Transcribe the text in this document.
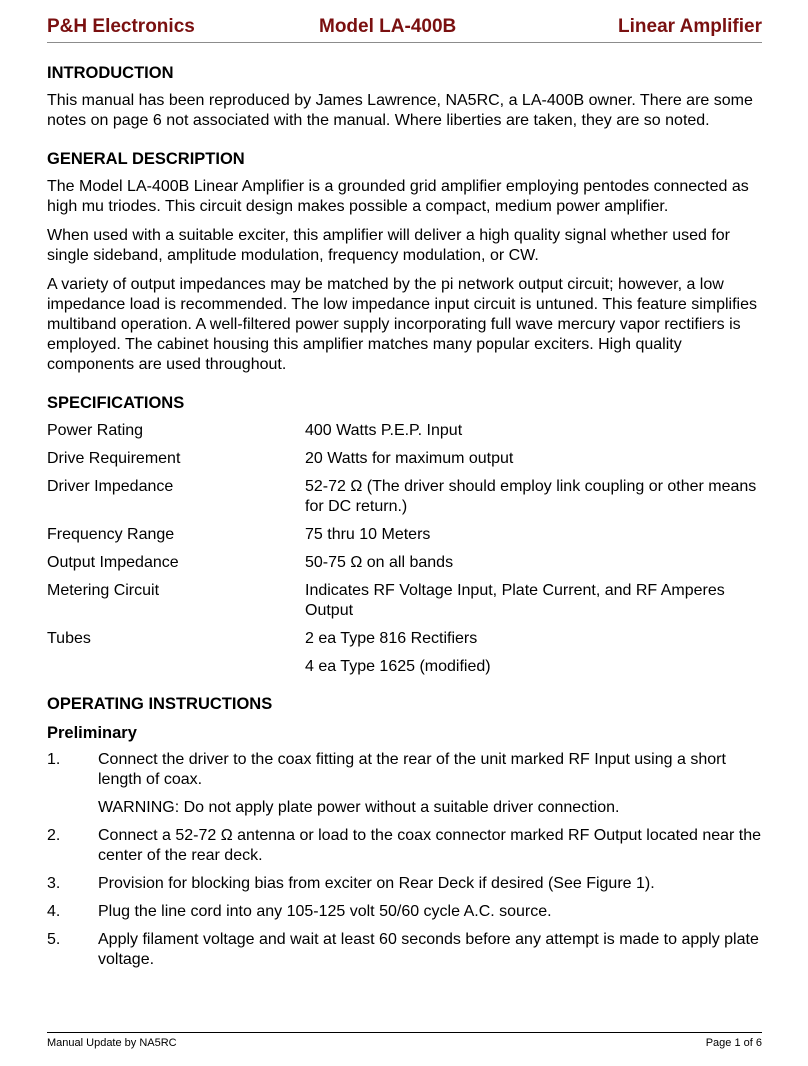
P&H Electronics	Model LA-400B	Linear Amplifier
INTRODUCTION
This manual has been reproduced by James Lawrence, NA5RC, a LA-400B owner. There are some notes on page 6 not associated with the manual. Where liberties are taken, they are so noted.
GENERAL DESCRIPTION
The Model LA-400B Linear Amplifier is a grounded grid amplifier employing pentodes connected as high mu triodes. This circuit design makes possible a compact, medium power amplifier.
When used with a suitable exciter, this amplifier will deliver a high quality signal whether used for single sideband, amplitude modulation, frequency modulation, or CW.
A variety of output impedances may be matched by the pi network output circuit; however, a low impedance load is recommended. The low impedance input circuit is untuned. This feature simplifies multiband operation. A well-filtered power supply incorporating full wave mercury vapor rectifiers is employed. The cabinet housing this amplifier matches many popular exciters. High quality components are used throughout.
SPECIFICATIONS
Power Rating	400 Watts P.E.P. Input
Drive Requirement	20 Watts for maximum output
Driver Impedance	52-72 Ω (The driver should employ link coupling or other means for DC return.)
Frequency Range	75 thru 10 Meters
Output Impedance	50-75 Ω on all bands
Metering Circuit	Indicates RF Voltage Input, Plate Current, and RF Amperes Output
Tubes	2 ea Type 816 Rectifiers
4 ea Type 1625 (modified)
OPERATING INSTRUCTIONS
Preliminary
1.	Connect the driver to the coax fitting at the rear of the unit marked RF Input using a short length of coax.
WARNING: Do not apply plate power without a suitable driver connection.
2.	Connect a 52-72 Ω antenna or load to the coax connector marked RF Output located near the center of the rear deck.
3.	Provision for blocking bias from exciter on Rear Deck if desired (See Figure 1).
4.	Plug the line cord into any 105-125 volt 50/60 cycle A.C. source.
5.	Apply filament voltage and wait at least 60 seconds before any attempt is made to apply plate voltage.
Manual Update by NA5RC	Page 1 of 6
